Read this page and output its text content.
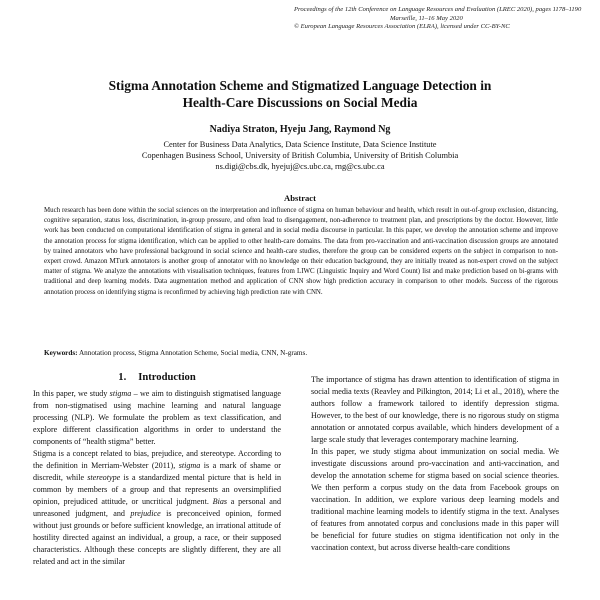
Proceedings of the 12th Conference on Language Resources and Evaluation (LREC 2020), pages 1178–1190
Marseille, 11–16 May 2020
© European Language Resources Association (ELRA), licensed under CC-BY-NC
Stigma Annotation Scheme and Stigmatized Language Detection in
Health-Care Discussions on Social Media
Nadiya Straton, Hyeju Jang, Raymond Ng
Center for Business Data Analytics, Data Science Institute, Data Science Institute
Copenhagen Business School, University of British Columbia, University of British Columbia
ns.digi@cbs.dk, hyejuj@cs.ubc.ca, rng@cs.ubc.ca
Abstract
Much research has been done within the social sciences on the interpretation and influence of stigma on human behaviour and health, which result in out-of-group exclusion, distancing, cognitive separation, status loss, discrimination, in-group pressure, and often lead to disengagement, non-adherence to treatment plan, and prescriptions by the doctor. However, little work has been conducted on computational identification of stigma in general and in social media discourse in particular. In this paper, we develop the annotation scheme and improve the annotation process for stigma identification, which can be applied to other health-care domains. The data from pro-vaccination and anti-vaccination discussion groups are annotated by trained annotators who have professional background in social science and health-care studies, therefore the group can be considered experts on the subject in comparison to non-expert crowd. Amazon MTurk annotators is another group of annotator with no knowledge on their education background, they are initially treated as non-expert crowd on the subject matter of stigma. We analyze the annotations with visualisation techniques, features from LIWC (Linguistic Inquiry and Word Count) list and make prediction based on bi-grams with traditional and deep learning models. Data augmentation method and application of CNN show high prediction accuracy in comparison to other models. Success of the rigorous annotation process on identifying stigma is reconfirmed by achieving high prediction rate with CNN.
Keywords: Annotation process, Stigma Annotation Scheme, Social media, CNN, N-grams.
1. Introduction

In this paper, we study stigma – we aim to distinguish stigmatised language from non-stigmatised using machine learning and natural language processing (NLP). We formulate the problem as text classification, and explore different classification algorithms in order to understand the components of “health stigma” better.

Stigma is a concept related to bias, prejudice, and stereotype. According to the definition in Merriam-Webster (2011), stigma is a mark of shame or discredit, while stereotype is a standardized mental picture that is held in common by members of a group and that represents an oversimplified opinion, prejudiced attitude, or uncritical judgment. Bias a personal and unreasoned judgment, and prejudice is preconceived opinion, formed without just grounds or before sufficient knowledge, an irrational attitude of hostility directed against an individual, a group, a race, or their supposed characteristics. Although these concepts are slightly different, they are all related and act in the similar

The importance of stigma has drawn attention to identification of stigma in social media texts (Reavley and Pilkington, 2014; Li et al., 2018), where the authors follow a framework tailored to identify depression stigma. However, to the best of our knowledge, there is no rigorous study on stigma annotation or annotated corpus available, which hinders development of a large scale study that leverages contemporary machine learning.

In this paper, we study stigma about immunization on social media. We investigate discussions around pro-vaccination and anti-vaccination, and develop the annotation scheme for stigma based on social science theories. We then perform a corpus study on the data from Facebook groups on vaccination. In addition, we explore various deep learning models and traditional machine learning models to identify stigma in the text. Analyses of features from annotated corpus and conclusions made in this paper will be beneficial for future studies on stigma identification not only in the vaccination context, but across diverse health-care conditions
